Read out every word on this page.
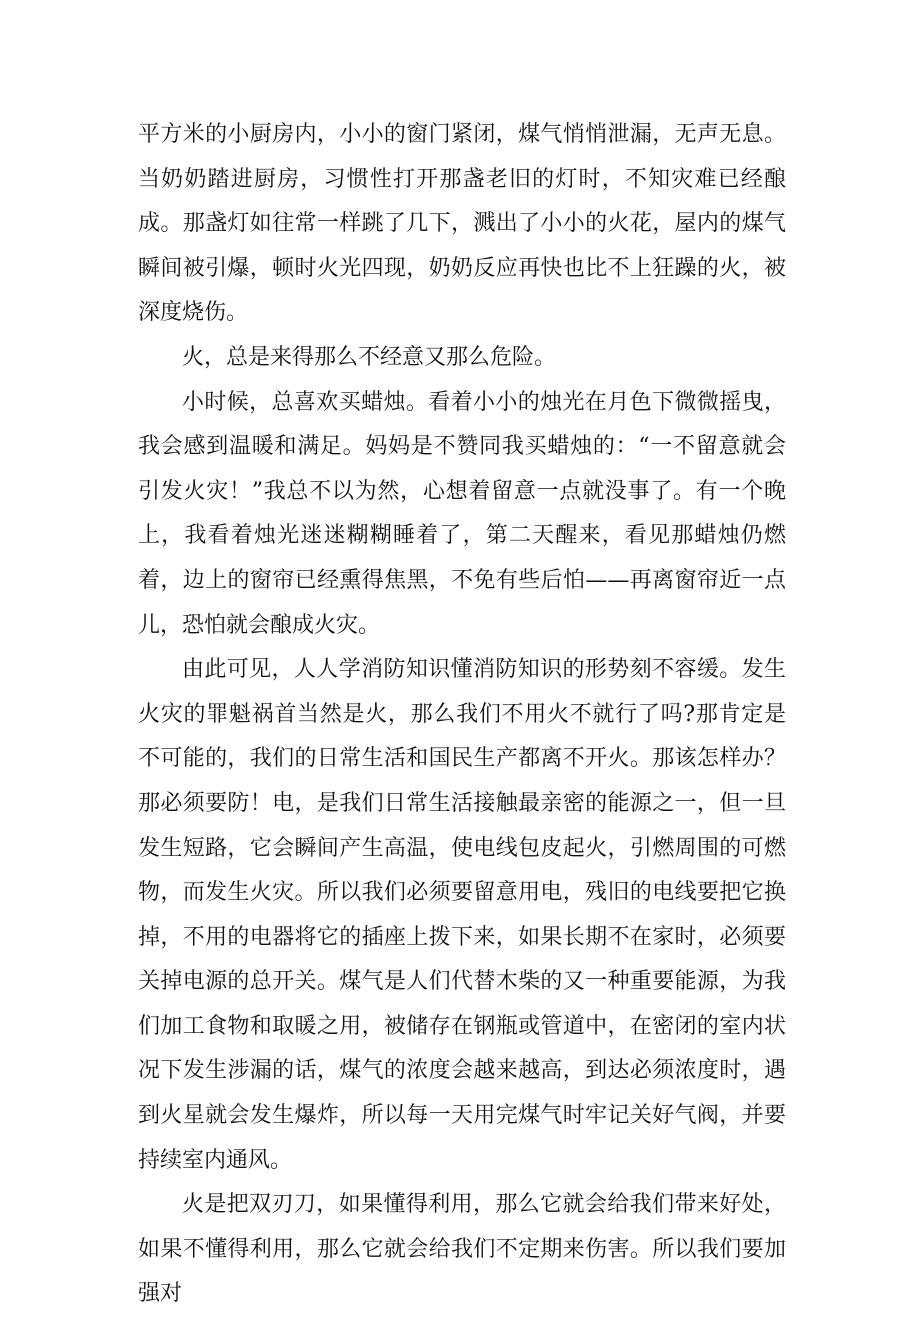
平方米的小厨房内，小小的窗门紧闭，煤气悄悄泄漏，无声无息。当奶奶踏进厨房，习惯性打开那盏老旧的灯时，不知灾难已经酿成。那盏灯如往常一样跳了几下，溅出了小小的火花，屋内的煤气瞬间被引爆，顿时火光四现，奶奶反应再快也比不上狂躁的火，被深度烧伤。

火，总是来得那么不经意又那么危险。

小时候，总喜欢买蜡烛。看着小小的烛光在月色下微微摇曳，我会感到温暖和满足。妈妈是不赞同我买蜡烛的：“一不留意就会引发火灾！”我总不以为然，心想着留意一点就没事了。有一个晚上，我看着烛光迷迷糊糊睡着了，第二天醒来，看见那蜡烛仍燃着，边上的窗帘已经熏得焦黑，不免有些后怕——再离窗帘近一点儿，恐怕就会酿成火灾。

由此可见，人人学消防知识懂消防知识的形势刻不容缓。发生火灾的罪魁祸首当然是火，那么我们不用火不就行了吗?那肯定是不可能的，我们的日常生活和国民生产都离不开火。那该怎样办？那必须要防！电，是我们日常生活接触最亲密的能源之一，但一旦发生短路，它会瞬间产生高温，使电线包皮起火，引燃周围的可燃物，而发生火灾。所以我们必须要留意用电，残旧的电线要把它换掉，不用的电器将它的插座上拨下来，如果长期不在家时，必须要关掉电源的总开关。煤气是人们代替木柴的又一种重要能源，为我们加工食物和取暖之用，被储存在钢瓶或管道中，在密闭的室内状况下发生涉漏的话，煤气的浓度会越来越高，到达必须浓度时，遇到火星就会发生爆炸，所以每一天用完煤气时牢记关好气阀，并要持续室内通风。

火是把双刃刀，如果懂得利用，那么它就会给我们带来好处，如果不懂得利用，那么它就会给我们不定期来伤害。所以我们要加强对
